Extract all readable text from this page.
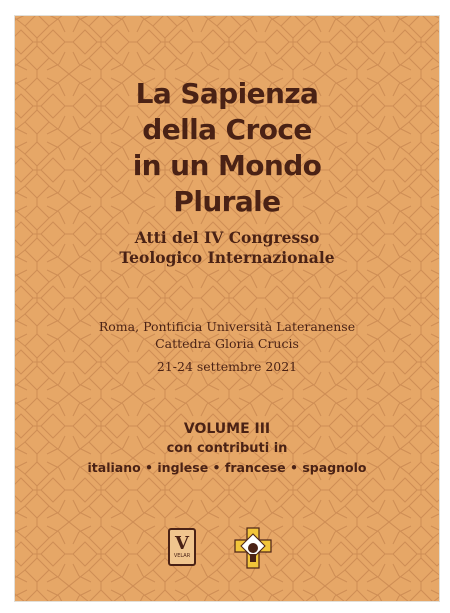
La Sapienza
della Croce
in un Mondo
Plurale
Atti del IV Congresso
Teologico Internazionale
Roma, Pontificia Università Lateranense
Cattedra Gloria Crucis
21-24 settembre 2021
VOLUME III
con contributi in
italiano • inglese • francese • spagnolo
V
VELAR
